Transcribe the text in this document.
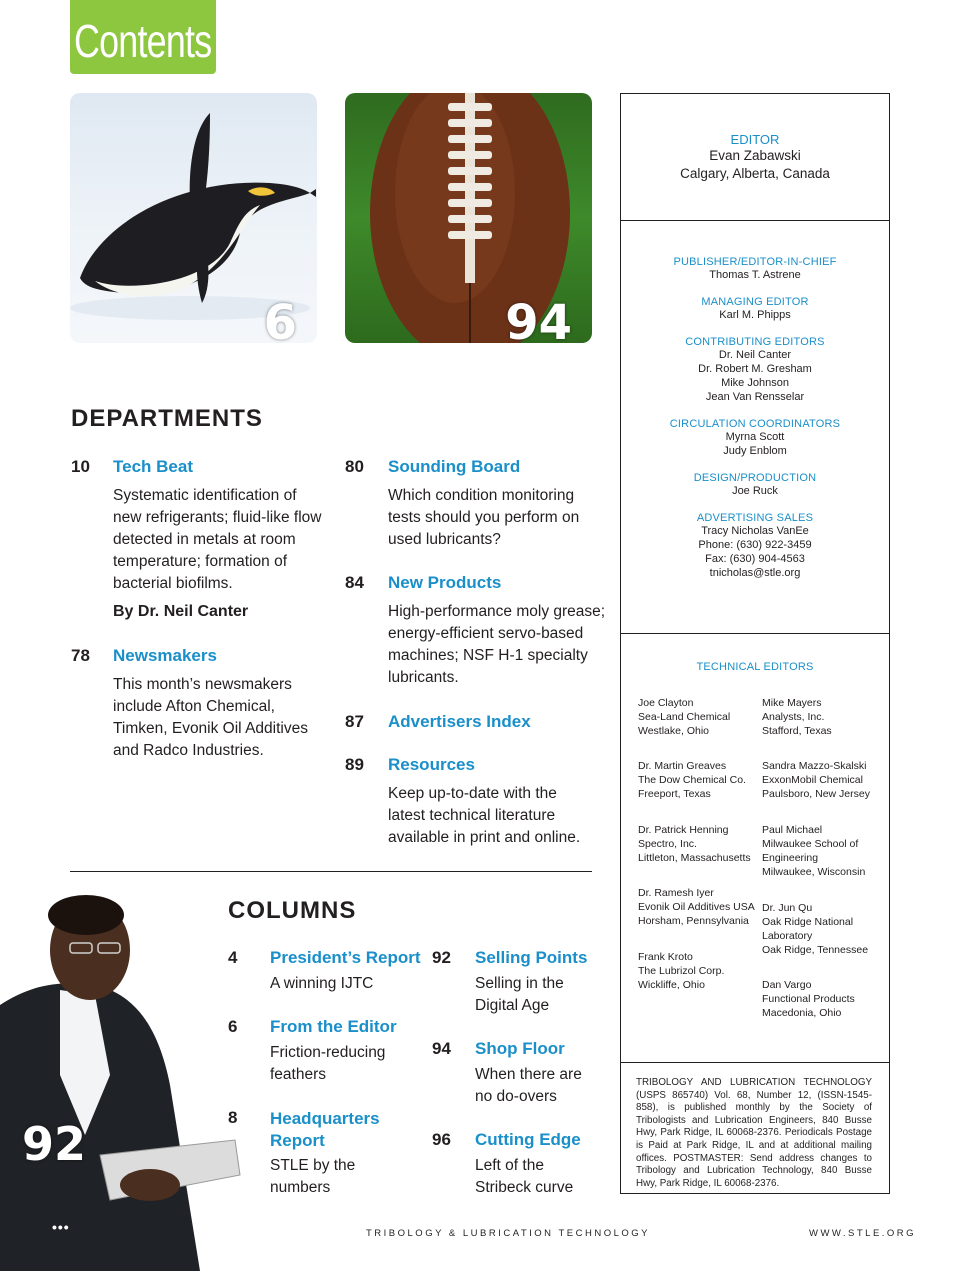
Contents
6	94
DEPARTMENTS
10 Tech Beat
Systematic identification of
new refrigerants; fluid-like flow
detected in metals at room
temperature; formation of
bacterial biofilms.
By Dr. Neil Canter
78 Newsmakers
This month’s newsmakers
include Afton Chemical,
Timken, Evonik Oil Additives
and Radco Industries.
80 Sounding Board
Which condition monitoring
tests should you perform on
used lubricants?
84 New Products
High-performance moly grease;
energy-efficient servo-based
machines; NSF H-1 specialty
lubricants.
87 Advertisers Index
89 Resources
Keep up-to-date with the
latest technical literature
available in print and online.
92
•••
COLUMNS
4 President’s Report
A winning IJTC
6 From the Editor
Friction-reducing
feathers
8 Headquarters
Report
STLE by the
numbers
92 Selling Points
Selling in the
Digital Age
94 Shop Floor
When there are
no do-overs
96 Cutting Edge
Left of the
Stribeck curve
EDITOR
Evan Zabawski
Calgary, Alberta, Canada
PUBLISHER/EDITOR-IN-CHIEF
Thomas T. Astrene
MANAGING EDITOR
Karl M. Phipps
CONTRIBUTING EDITORS
Dr. Neil Canter
Dr. Robert M. Gresham
Mike Johnson
Jean Van Rensselar
CIRCULATION COORDINATORS
Myrna Scott
Judy Enblom
DESIGN/PRODUCTION
Joe Ruck
ADVERTISING SALES
Tracy Nicholas VanEe
Phone: (630) 922-3459
Fax: (630) 904-4563
tnicholas@stle.org
TECHNICAL EDITORS
Joe Clayton
Sea-Land Chemical
Westlake, Ohio
Dr. Martin Greaves
The Dow Chemical Co.
Freeport, Texas
Dr. Patrick Henning
Spectro, Inc.
Littleton, Massachusetts
Dr. Ramesh Iyer
Evonik Oil Additives USA
Horsham, Pennsylvania
Frank Kroto
The Lubrizol Corp.
Wickliffe, Ohio
Mike Mayers
Analysts, Inc.
Stafford, Texas
Sandra Mazzo-Skalski
ExxonMobil Chemical
Paulsboro, New Jersey
Paul Michael
Milwaukee School of
Engineering
Milwaukee, Wisconsin
Dr. Jun Qu
Oak Ridge National
Laboratory
Oak Ridge, Tennessee
Dan Vargo
Functional Products
Macedonia, Ohio
TRIBOLOGY AND LUBRICATION TECHNOLOGY (USPS 865740) Vol. 68, Number 12, (ISSN-1545-858), is published monthly by the Society of Tribologists and Lubrication Engineers, 840 Busse Hwy, Park Ridge, IL 60068-2376. Periodicals Postage is Paid at Park Ridge, IL and at additional mailing offices. POSTMASTER: Send address changes to Tribology and Lubrication Technology, 840 Busse Hwy, Park Ridge, IL 60068-2376.
TRIBOLOGY & LUBRICATION TECHNOLOGY	WWW.STLE.ORG
